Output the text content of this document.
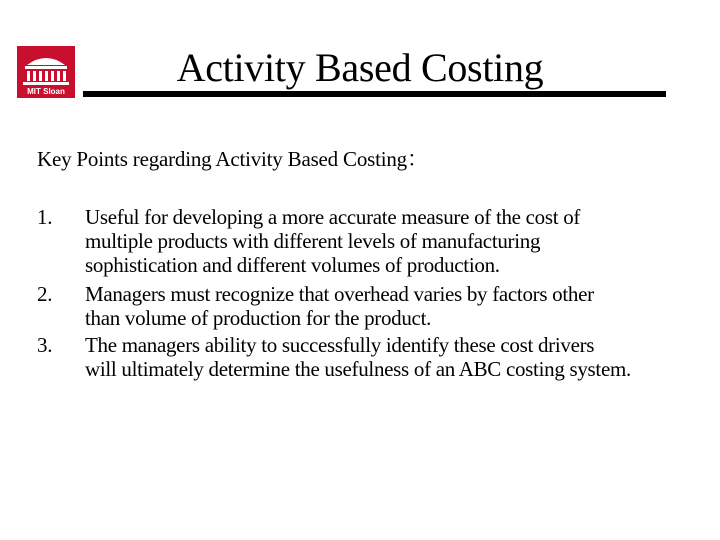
MIT Sloan
Activity Based Costing
Key Points regarding Activity Based Costing：
1.	Useful for developing a more accurate measure of the cost of
multiple products with different levels of manufacturing
sophistication and different volumes of production.
2.	Managers must recognize that overhead varies by factors other
than volume of production for the product.
3.	The managers ability to successfully identify these cost drivers
will ultimately determine the usefulness of an ABC costing system.
